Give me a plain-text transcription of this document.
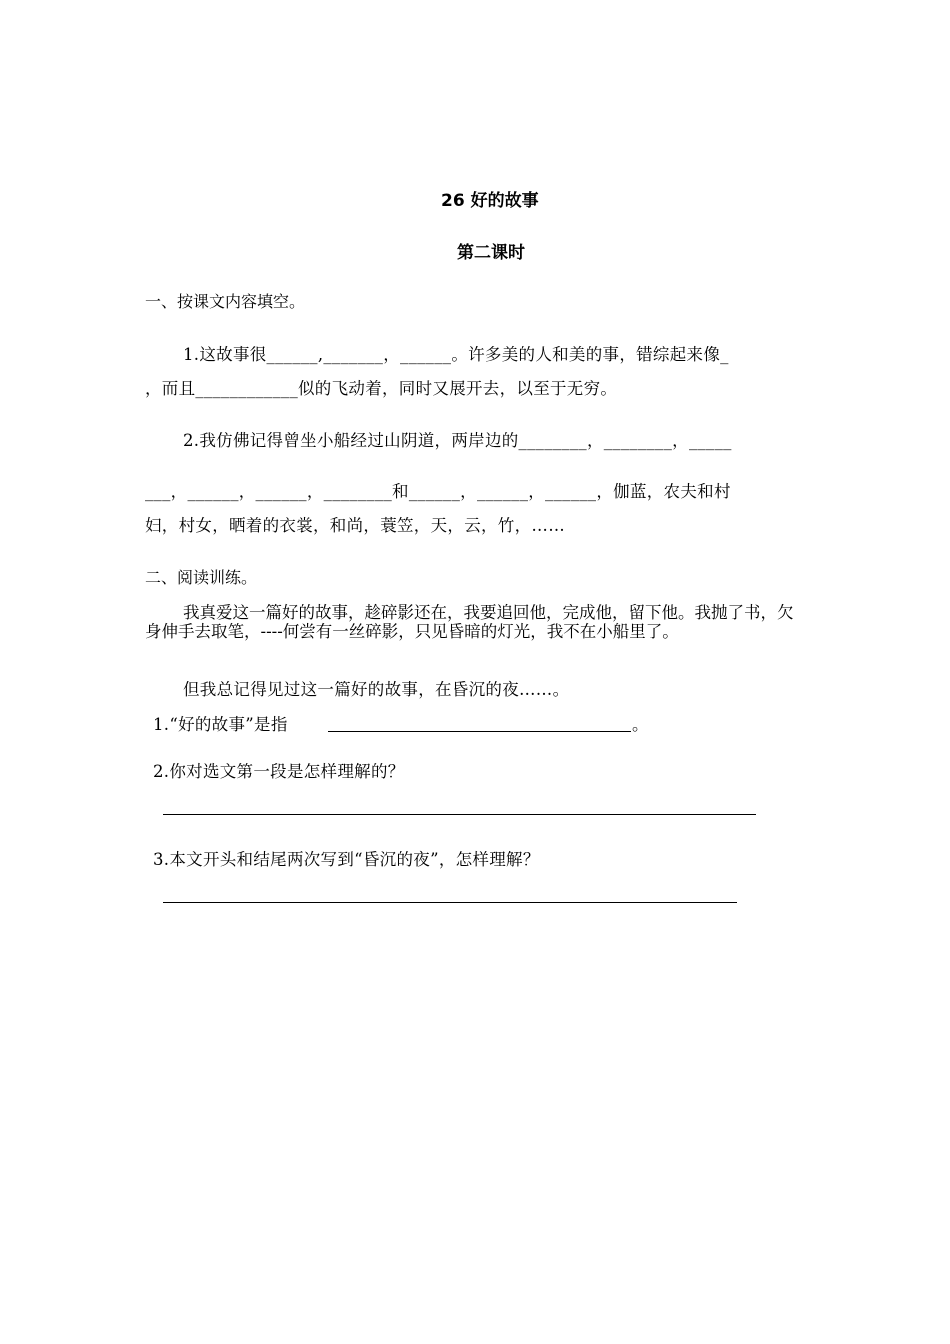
26 好的故事
第二课时
一、按课文内容填空。
1.这故事很______,_______，______。许多美的人和美的事，错综起来像_
，而且____________似的飞动着，同时又展开去，以至于无穷。
2.我仿佛记得曾坐小船经过山阴道，两岸边的________，________，_____
___，______，______，________和______，______，______，伽蓝，农夫和村
妇，村女，晒着的衣裳，和尚，蓑笠，天，云，竹，……
二、阅读训练。
我真爱这一篇好的故事，趁碎影还在，我要追回他，完成他，留下他。我抛了书，欠身伸手去取笔，----何尝有一丝碎影，只见昏暗的灯光，我不在小船里了。
但我总记得见过这一篇好的故事，在昏沉的夜……。
1.“好的故事”是指	。
2.你对选文第一段是怎样理解的？
3.本文开头和结尾两次写到“昏沉的夜”，怎样理解？
